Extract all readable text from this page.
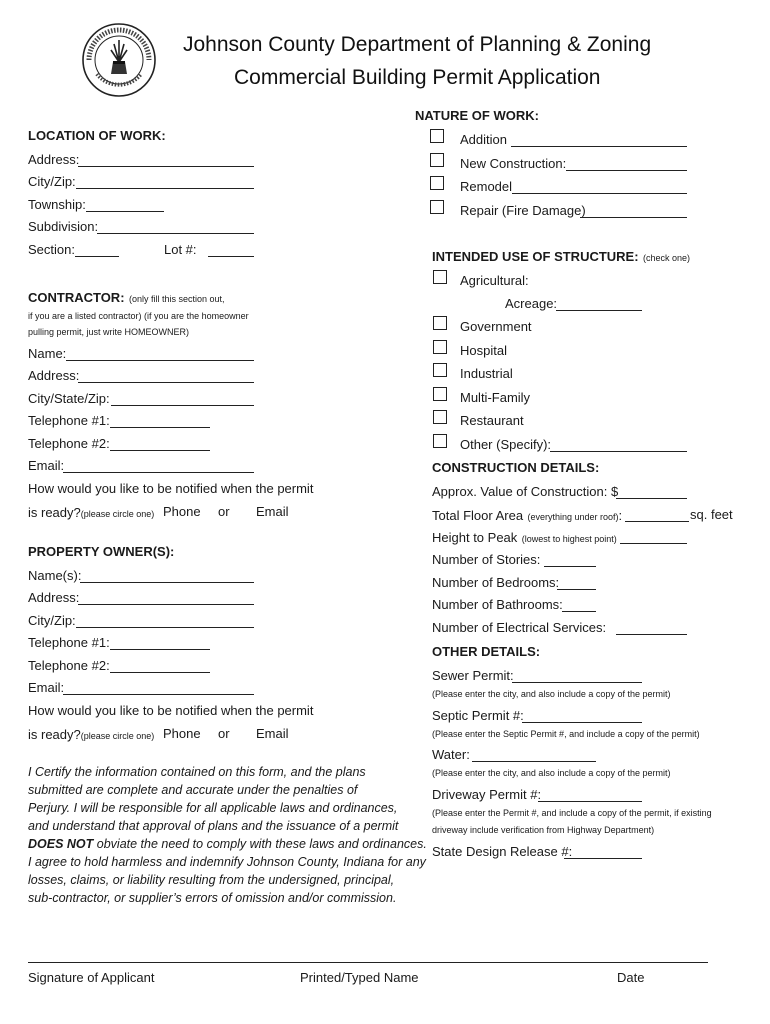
Johnson County Department of Planning & Zoning
Commercial Building Permit Application
LOCATION OF WORK:
Address:
City/Zip:
Township:
Subdivision:
Section:	Lot #:
CONTRACTOR: (only fill this section out,
if you are a listed contractor) (if you are the homeowner
pulling permit, just write HOMEOWNER)
Name:
Address:
City/State/Zip:
Telephone #1:
Telephone #2:
Email:
How would you like to be notified when the permit
is ready?(please circle one) Phone or Email
PROPERTY OWNER(S):
Name(s):
Address:
City/Zip:
Telephone #1:
Telephone #2:
Email:
How would you like to be notified when the permit
is ready?(please circle one) Phone or Email
I Certify the information contained on this form, and the plans
submitted are complete and accurate under the penalties of
Perjury. I will be responsible for all applicable laws and ordinances,
and understand that approval of plans and the issuance of a permit
DOES NOT obviate the need to comply with these laws and ordinances.
I agree to hold harmless and indemnify Johnson County, Indiana for any
losses, claims, or liability resulting from the undersigned, principal,
sub-contractor, or supplier’s errors of omission and/or commission.
NATURE OF WORK:
Addition
New Construction:
Remodel
Repair (Fire Damage)
INTENDED USE OF STRUCTURE: (check one)
Agricultural:
Acreage:
Government
Hospital
Industrial
Multi-Family
Restaurant
Other (Specify):
CONSTRUCTION DETAILS:
Approx. Value of Construction: $
Total Floor Area (everything under roof):	sq. feet
Height to Peak (lowest to highest point)
Number of Stories:
Number of Bedrooms:
Number of Bathrooms:
Number of Electrical Services:
OTHER DETAILS:
Sewer Permit:
(Please enter the city, and also include a copy of the permit)
Septic Permit #:
(Please enter the Septic Permit #, and include a copy of the permit)
Water:
(Please enter the city, and also include a copy of the permit)
Driveway Permit #:
(Please enter the Permit #, and include a copy of the permit, if existing
driveway include verification from Highway Department)
State Design Release #:
Signature of Applicant	Printed/Typed Name	Date
